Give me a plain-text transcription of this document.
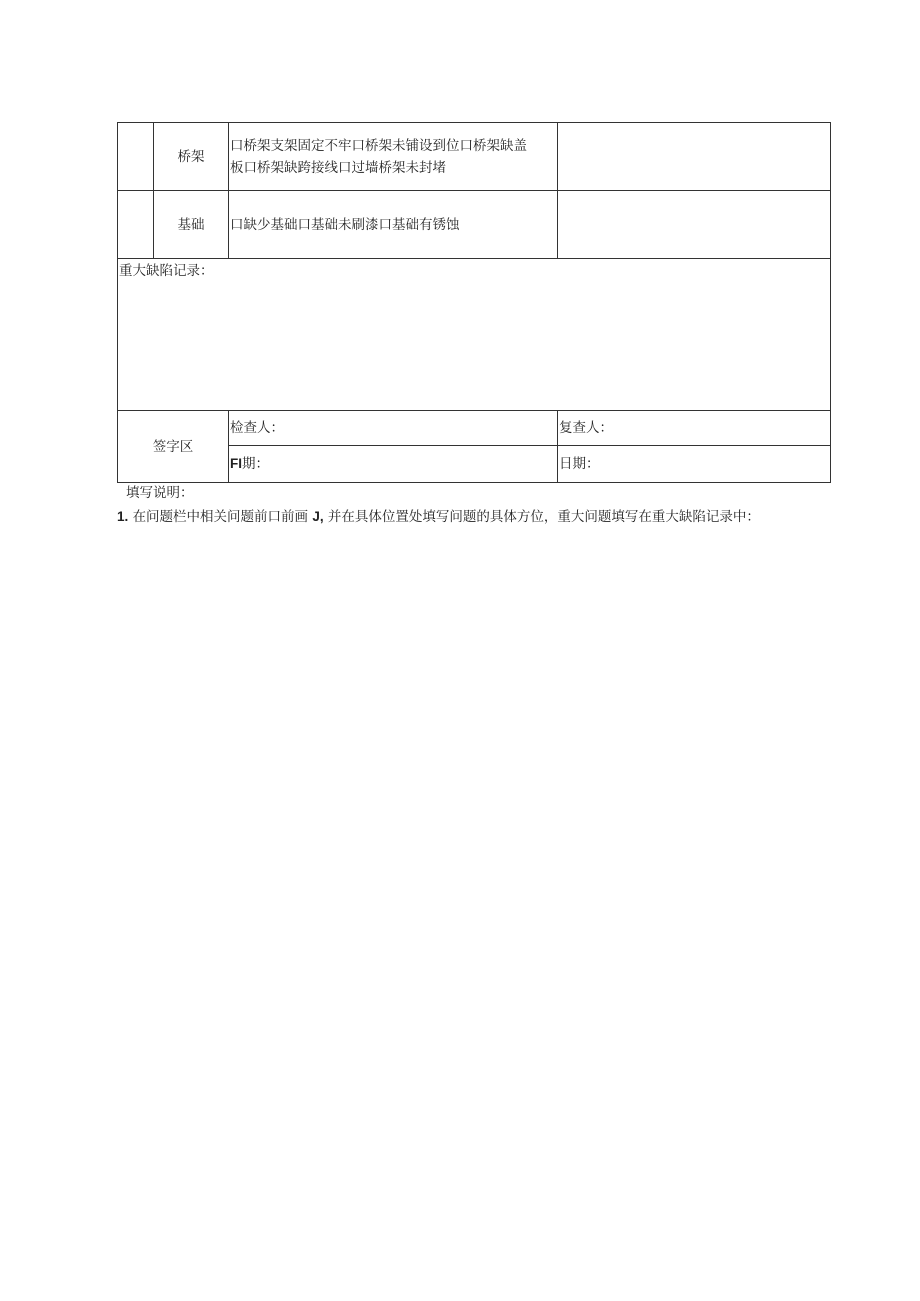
桥架
口桥架支架固定不牢口桥架未铺设到位口桥架缺盖
板口桥架缺跨接线口过墙桥架未封堵
基础 口缺少基础口基础未刷漆口基础有锈蚀
重大缺陷记录：
签字区
检查人：	复查人：
FI 期：	日期：
填写说明：
1. 在问题栏中相关问题前口前画 J, 并在具体位置处填写问题的具体方位，重大问题填写在重大缺陷记录中：
